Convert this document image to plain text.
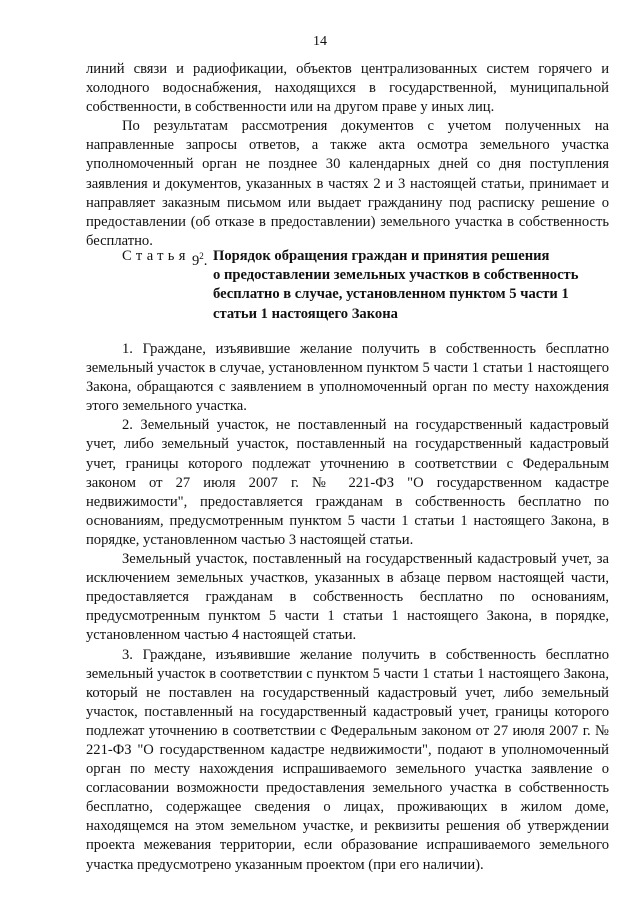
14

линий связи и радиофикации, объектов централизованных систем горячего и холодного водоснабжения, находящихся в государственной, муниципальной собственности, в собственности или на другом праве у иных лиц.

По результатам рассмотрения документов с учетом полученных на направленные запросы ответов, а также акта осмотра земельного участка уполномоченный орган не позднее 30 календарных дней со дня поступления заявления и документов, указанных в частях 2 и 3 настоящей статьи, принимает и направляет заказным письмом или выдает гражданину под расписку решение о предоставлении (об отказе в предоставлении) земельного участка в собственность бесплатно.

Статья $9^2$. Порядок обращения граждан и принятия решения
о предоставлении земельных участков в собственность
бесплатно в случае, установленном пунктом 5 части 1
статьи 1 настоящего Закона

1. Граждане, изъявившие желание получить в собственность бесплатно земельный участок в случае, установленном пунктом 5 части 1 статьи 1 настоящего Закона, обращаются с заявлением в уполномоченный орган по месту нахождения этого земельного участка.

2. Земельный участок, не поставленный на государственный кадастровый учет, либо земельный участок, поставленный на государственный кадастровый учет, границы которого подлежат уточнению в соответствии с Федеральным законом от 27 июля 2007 г. № 221-ФЗ "О государственном кадастре недвижимости", предоставляется гражданам в собственность бесплатно по основаниям, предусмотренным пунктом 5 части 1 статьи 1 настоящего Закона, в порядке, установленном частью 3 настоящей статьи.

Земельный участок, поставленный на государственный кадастровый учет, за исключением земельных участков, указанных в абзаце первом настоящей части, предоставляется гражданам в собственность бесплатно по основаниям, предусмотренным пунктом 5 части 1 статьи 1 настоящего Закона, в порядке, установленном частью 4 настоящей статьи.

3. Граждане, изъявившие желание получить в собственность бесплатно земельный участок в соответствии с пунктом 5 части 1 статьи 1 настоящего Закона, который не поставлен на государственный кадастровый учет, либо земельный участок, поставленный на государственный кадастровый учет, границы которого подлежат уточнению в соответствии с Федеральным законом от 27 июля 2007 г. № 221-ФЗ "О государственном кадастре недвижимости", подают в уполномоченный орган по месту нахождения испрашиваемого земельного участка заявление о согласовании возможности предоставления земельного участка в собственность бесплатно, содержащее сведения о лицах, проживающих в жилом доме, находящемся на этом земельном участке, и реквизиты решения об утверждении проекта межевания территории, если образование испрашиваемого земельного участка предусмотрено указанным проектом (при его наличии).
